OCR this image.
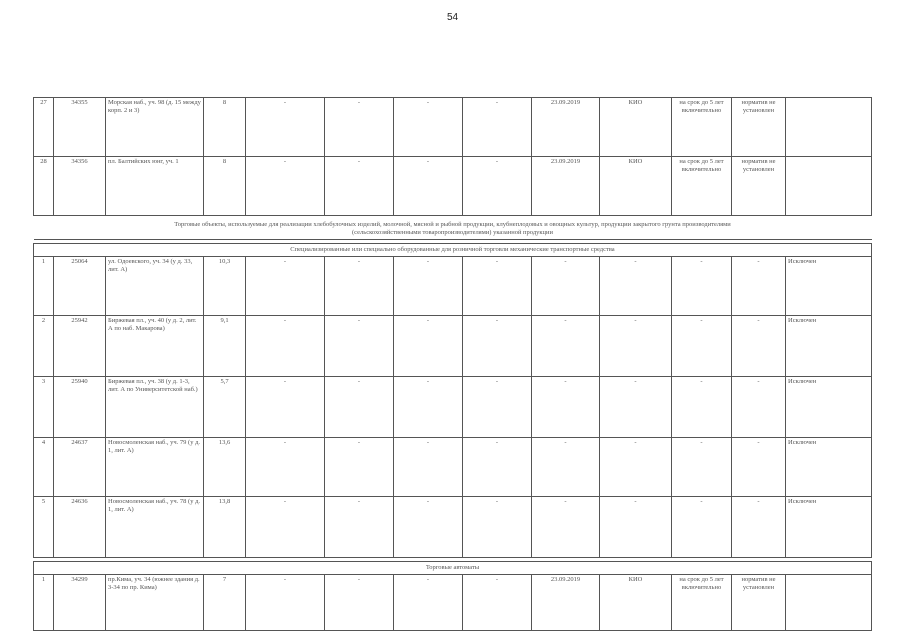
54
27	34355	Морская наб., уч. 98 (д. 15 между корп. 2 и 3)	8	-	-	-	-	23.09.2019	КИО	на срок до 5 лет включительно	норматив не установлен	
28	34356	пл. Балтийских юнг, уч. 1	8	-	-	-	-	23.09.2019	КИО	на срок до 5 лет включительно	норматив не установлен	
Торговые объекты, используемые для реализации хлебобулочных изделий, молочной, мясной и рыбной продукции, клубнеплодовых и овощных культур, продукции закрытого грунта производителями (сельскохозяйственными товаропроизводителями) указанной продукции												

Специализированные или специально оборудованные для розничной торговли механические транспортные средства												
1	25064	ул. Одоевского, уч. 34 (у д. 33, лит. А)	10,3	-	-	-	-	-	-	-	-	Исключен
2	25942	Биржевая пл., уч. 40 (у д. 2, лит. А по наб. Макарова)	9,1	-	-	-	-	-	-	-	-	Исключен
3	25940	Биржевая пл., уч. 38 (у д. 1-3, лит. А по Университетской наб.)	5,7	-	-	-	-	-	-	-	-	Исключен
4	24637	Новосмоленская наб., уч. 79 (у д. 1, лит. А)	13,6	-	-	-	-	-	-	-	-	Исключен
5	24636	Новосмоленская наб., уч. 78 (у д. 1, лит. А)	13,8	-	-	-	-	-	-	-	-	Исключен

Торговые автоматы												
1	34299	пр.Кима, уч. 34 (южнее здания д. 3-34 по пр. Кима)	7	-	-	-	-	23.09.2019	КИО	на срок до 5 лет включительно	норматив не установлен	
